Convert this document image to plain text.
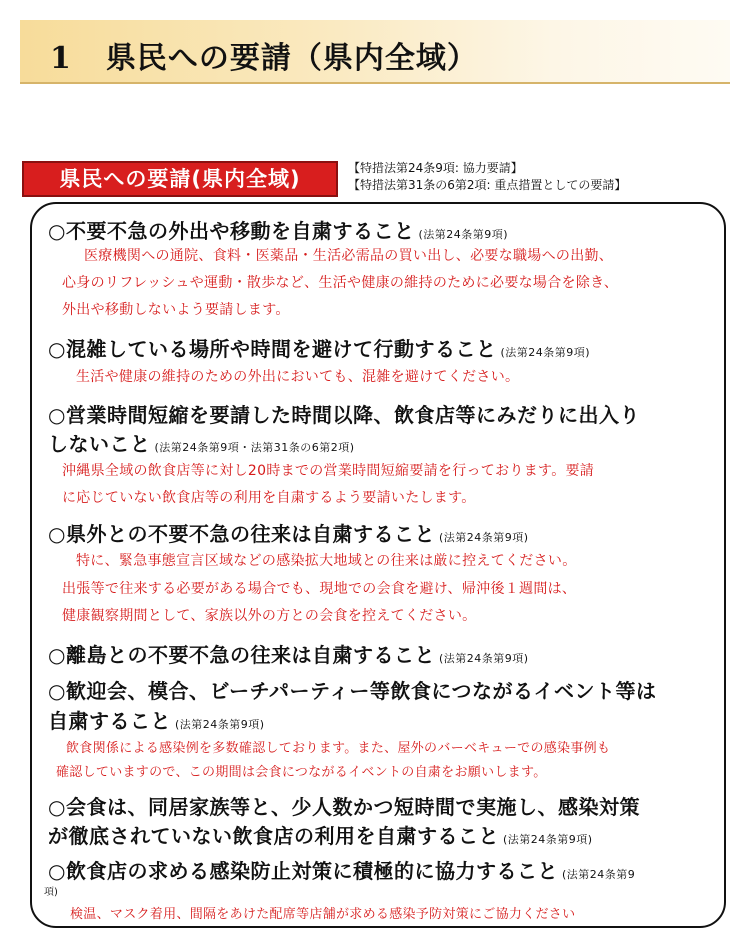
1 県民への要請（県内全域）
県民への要請(県内全域)	【特措法第24条9項: 協力要請】
【特措法第31条の6第2項: 重点措置としての要請】
○不要不急の外出や移動を自粛すること (法第24条第9項)
医療機関への通院、食料・医薬品・生活必需品の買い出し、必要な職場への出勤、
心身のリフレッシュや運動・散歩など、生活や健康の維持のために必要な場合を除き、
外出や移動しないよう要請します。
○混雑している場所や時間を避けて行動すること (法第24条第9項)
生活や健康の維持のための外出においても、混雑を避けてください。
○営業時間短縮を要請した時間以降、飲食店等にみだりに出入り
しないこと (法第24条第9項・法第31条の6第2項)
沖縄県全域の飲食店等に対し20時までの営業時間短縮要請を行っております。要請
に応じていない飲食店等の利用を自粛するよう要請いたします。
○県外との不要不急の往来は自粛すること (法第24条第9項)
特に、緊急事態宣言区域などの感染拡大地域との往来は厳に控えてください。
出張等で往来する必要がある場合でも、現地での会食を避け、帰沖後１週間は、
健康観察期間として、家族以外の方との会食を控えてください。
○離島との不要不急の往来は自粛すること (法第24条第9項)
○歓迎会、模合、ビーチパーティー等飲食につながるイベント等は
自粛すること (法第24条第9項)
飲食関係による感染例を多数確認しております。また、屋外のバーベキューでの感染事例も
確認していますので、この期間は会食につながるイベントの自粛をお願いします。
○会食は、同居家族等と、少人数かつ短時間で実施し、感染対策
が徹底されていない飲食店の利用を自粛すること (法第24条第9項)
○飲食店の求める感染防止対策に積極的に協力すること (法第24条第9
項)
検温、マスク着用、間隔をあけた配席等店舗が求める感染予防対策にご協力ください
